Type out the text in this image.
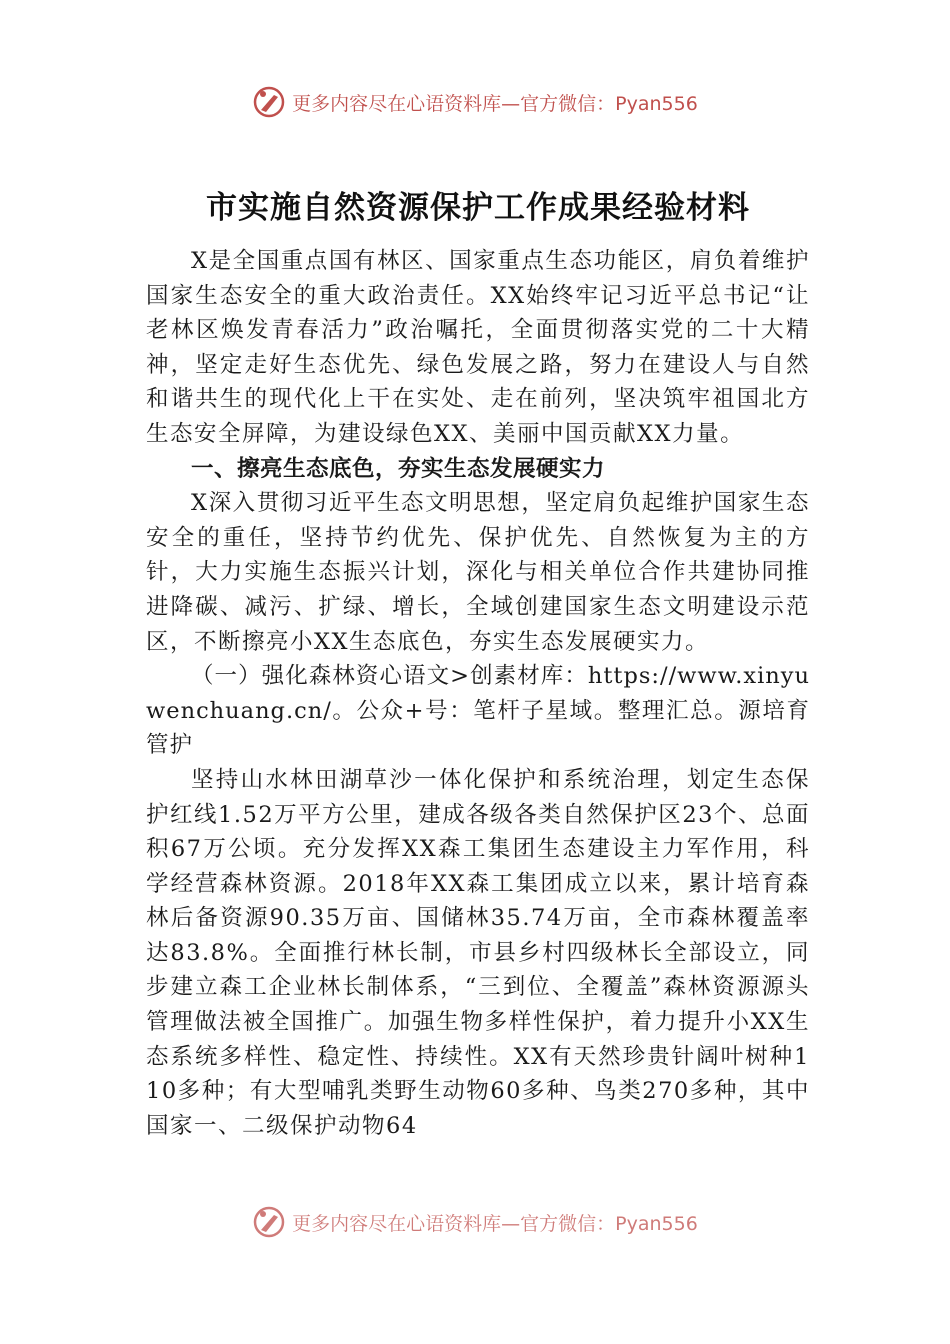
更多内容尽在心语资料库—官方微信：Pyan556
市实施自然资源保护工作成果经验材料

X是全国重点国有林区、国家重点生态功能区，肩负着维护国家生态安全的重大政治责任。XX始终牢记习近平总书记“让老林区焕发青春活力”政治嘱托，全面贯彻落实党的二十大精神，坚定走好生态优先、绿色发展之路，努力在建设人与自然和谐共生的现代化上干在实处、走在前列，坚决筑牢祖国北方生态安全屏障，为建设绿色XX、美丽中国贡献XX力量。

一、擦亮生态底色，夯实生态发展硬实力

X深入贯彻习近平生态文明思想，坚定肩负起维护国家生态安全的重任，坚持节约优先、保护优先、自然恢复为主的方针，大力实施生态振兴计划，深化与相关单位合作共建协同推进降碳、减污、扩绿、增长，全域创建国家生态文明建设示范区，不断擦亮小XX生态底色，夯实生态发展硬实力。

（一）强化森林资心语文>创素材库：https://www.xinyuwenchuang.cn/。公众+号：笔杆子星域。整理汇总。源培育管护

坚持山水林田湖草沙一体化保护和系统治理，划定生态保护红线1.52万平方公里，建成各级各类自然保护区23个、总面积67万公顷。充分发挥XX森工集团生态建设主力军作用，科学经营森林资源。2018年XX森工集团成立以来，累计培育森林后备资源90.35万亩、国储林35.74万亩，全市森林覆盖率达83.8%。全面推行林长制，市县乡村四级林长全部设立，同步建立森工企业林长制体系，“三到位、全覆盖”森林资源源头管理做法被全国推广。加强生物多样性保护，着力提升小XX生态系统多样性、稳定性、持续性。XX有天然珍贵针阔叶树种110多种；有大型哺乳类野生动物60多种、鸟类270多种，其中国家一、二级保护动物64

更多内容尽在心语资料库—官方微信：Pyan556
